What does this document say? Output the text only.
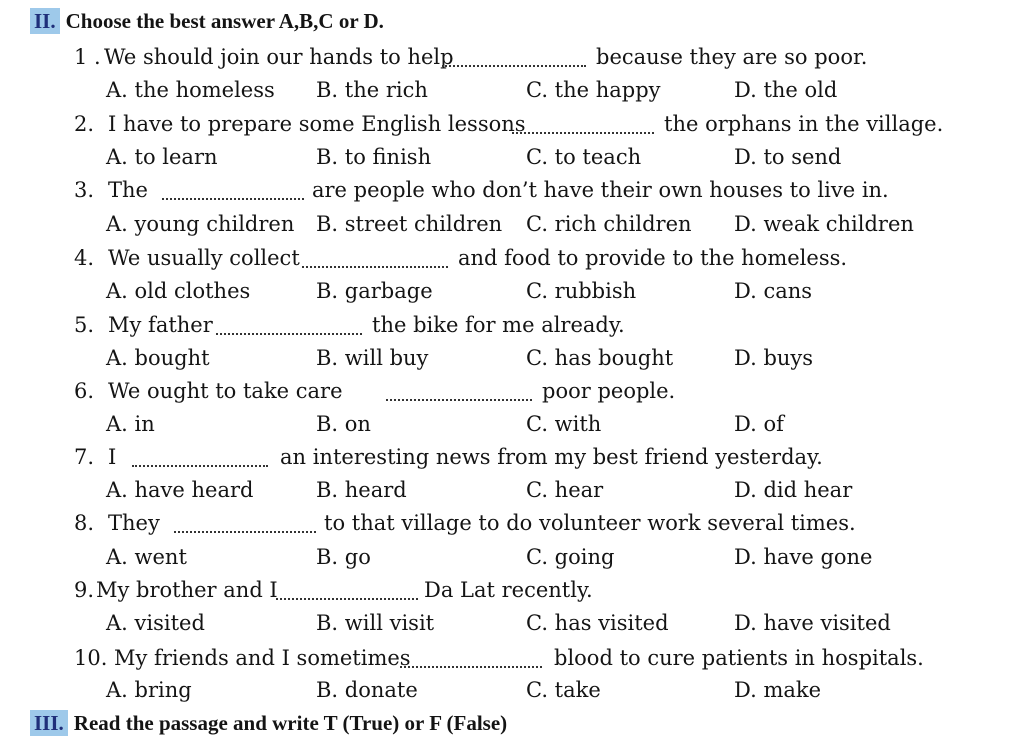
II. Choose the best answer A,B,C or D.
1 . We should join our hands to help	because they are so poor.
A. the homeless B. the rich	C. the happy	D. the old
2. I have to prepare some English lessons	the orphans in the village.
A. to learn	B. to finish	C. to teach	D. to send
3. The	are people who don’t have their own houses to live in.
A. young children B. street children C. rich children D. weak children
4. We usually collect	and food to provide to the homeless.
A. old clothes	B. garbage	C. rubbish	D. cans
5. My father	the bike for me already.
A. bought	B. will buy	C. has bought	D. buys
6. We ought to take care	poor people.
A. in	B. on	C. with	D. of
7. I	an interesting news from my best friend yesterday.
A. have heard	B. heard	C. hear	D. did hear
8. They	to that village to do volunteer work several times.
A. went	B. go	C. going	D. have gone
9. My brother and I	Da Lat recently.
A. visited	B. will visit	C. has visited	D. have visited
10. My friends and I sometimes	blood to cure patients in hospitals.
A. bring	B. donate	C. take	D. make
III. Read the passage and write T (True) or F (False)
